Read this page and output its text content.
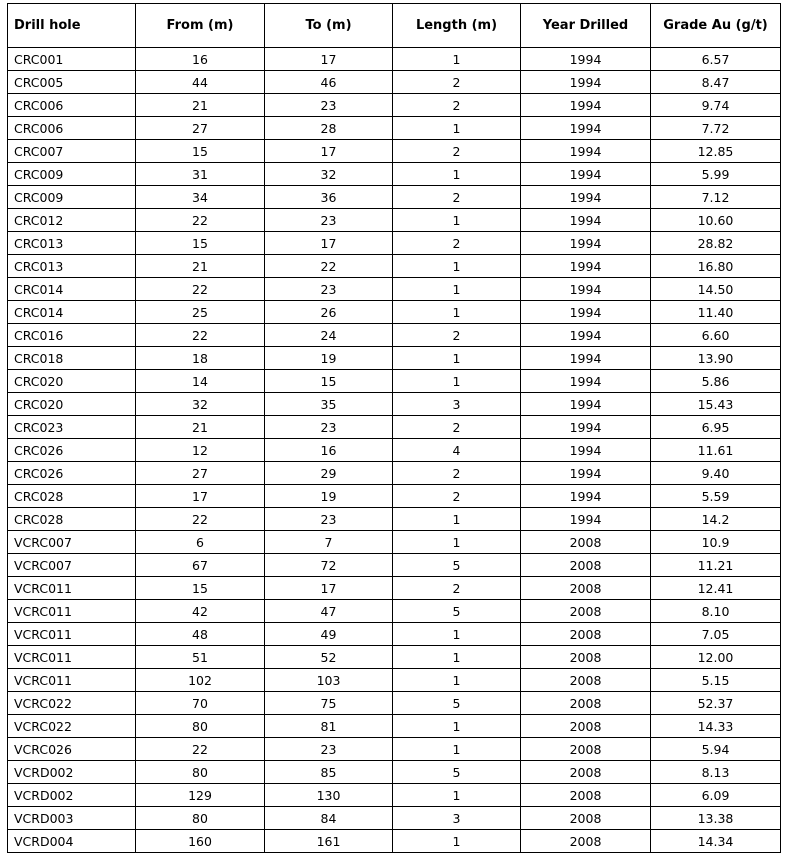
Drill hole	From (m)	To (m)	Length (m)	Year Drilled	Grade Au (g/t)
CRC001	16	17	1	1994	6.57
CRC005	44	46	2	1994	8.47
CRC006	21	23	2	1994	9.74
CRC006	27	28	1	1994	7.72
CRC007	15	17	2	1994	12.85
CRC009	31	32	1	1994	5.99
CRC009	34	36	2	1994	7.12
CRC012	22	23	1	1994	10.60
CRC013	15	17	2	1994	28.82
CRC013	21	22	1	1994	16.80
CRC014	22	23	1	1994	14.50
CRC014	25	26	1	1994	11.40
CRC016	22	24	2	1994	6.60
CRC018	18	19	1	1994	13.90
CRC020	14	15	1	1994	5.86
CRC020	32	35	3	1994	15.43
CRC023	21	23	2	1994	6.95
CRC026	12	16	4	1994	11.61
CRC026	27	29	2	1994	9.40
CRC028	17	19	2	1994	5.59
CRC028	22	23	1	1994	14.2
VCRC007	6	7	1	2008	10.9
VCRC007	67	72	5	2008	11.21
VCRC011	15	17	2	2008	12.41
VCRC011	42	47	5	2008	8.10
VCRC011	48	49	1	2008	7.05
VCRC011	51	52	1	2008	12.00
VCRC011	102	103	1	2008	5.15
VCRC022	70	75	5	2008	52.37
VCRC022	80	81	1	2008	14.33
VCRC026	22	23	1	2008	5.94
VCRD002	80	85	5	2008	8.13
VCRD002	129	130	1	2008	6.09
VCRD003	80	84	3	2008	13.38
VCRD004	160	161	1	2008	14.34
